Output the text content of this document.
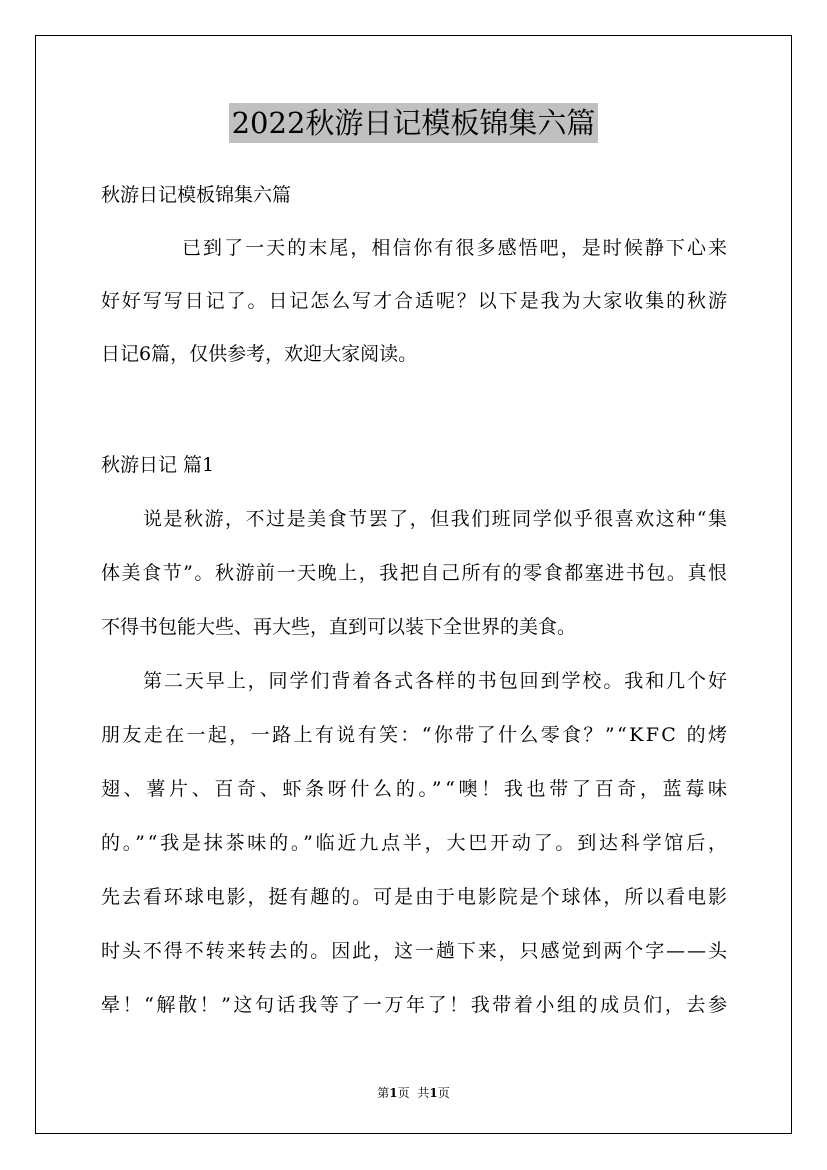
2022秋游日记模板锦集六篇
秋游日记模板锦集六篇
已到了一天的末尾，相信你有很多感悟吧，是时候静下心来
好好写写日记了。日记怎么写才合适呢？以下是我为大家收集的秋游
日记6篇，仅供参考，欢迎大家阅读。
秋游日记 篇1
说是秋游，不过是美食节罢了，但我们班同学似乎很喜欢这种“集
体美食节”。秋游前一天晚上，我把自己所有的零食都塞进书包。真恨
不得书包能大些、再大些，直到可以装下全世界的美食。
第二天早上，同学们背着各式各样的书包回到学校。我和几个好
朋友走在一起，一路上有说有笑：“你带了什么零食？”“KFC 的烤
翅、薯片、百奇、虾条呀什么的。”“噢！我也带了百奇，蓝莓味
的。”“我是抹茶味的。”临近九点半，大巴开动了。到达科学馆后，
先去看环球电影，挺有趣的。可是由于电影院是个球体，所以看电影
时头不得不转来转去的。因此，这一趟下来，只感觉到两个字——头
晕！“解散！”这句话我等了一万年了！我带着小组的成员们，去参
第1页 共1页
